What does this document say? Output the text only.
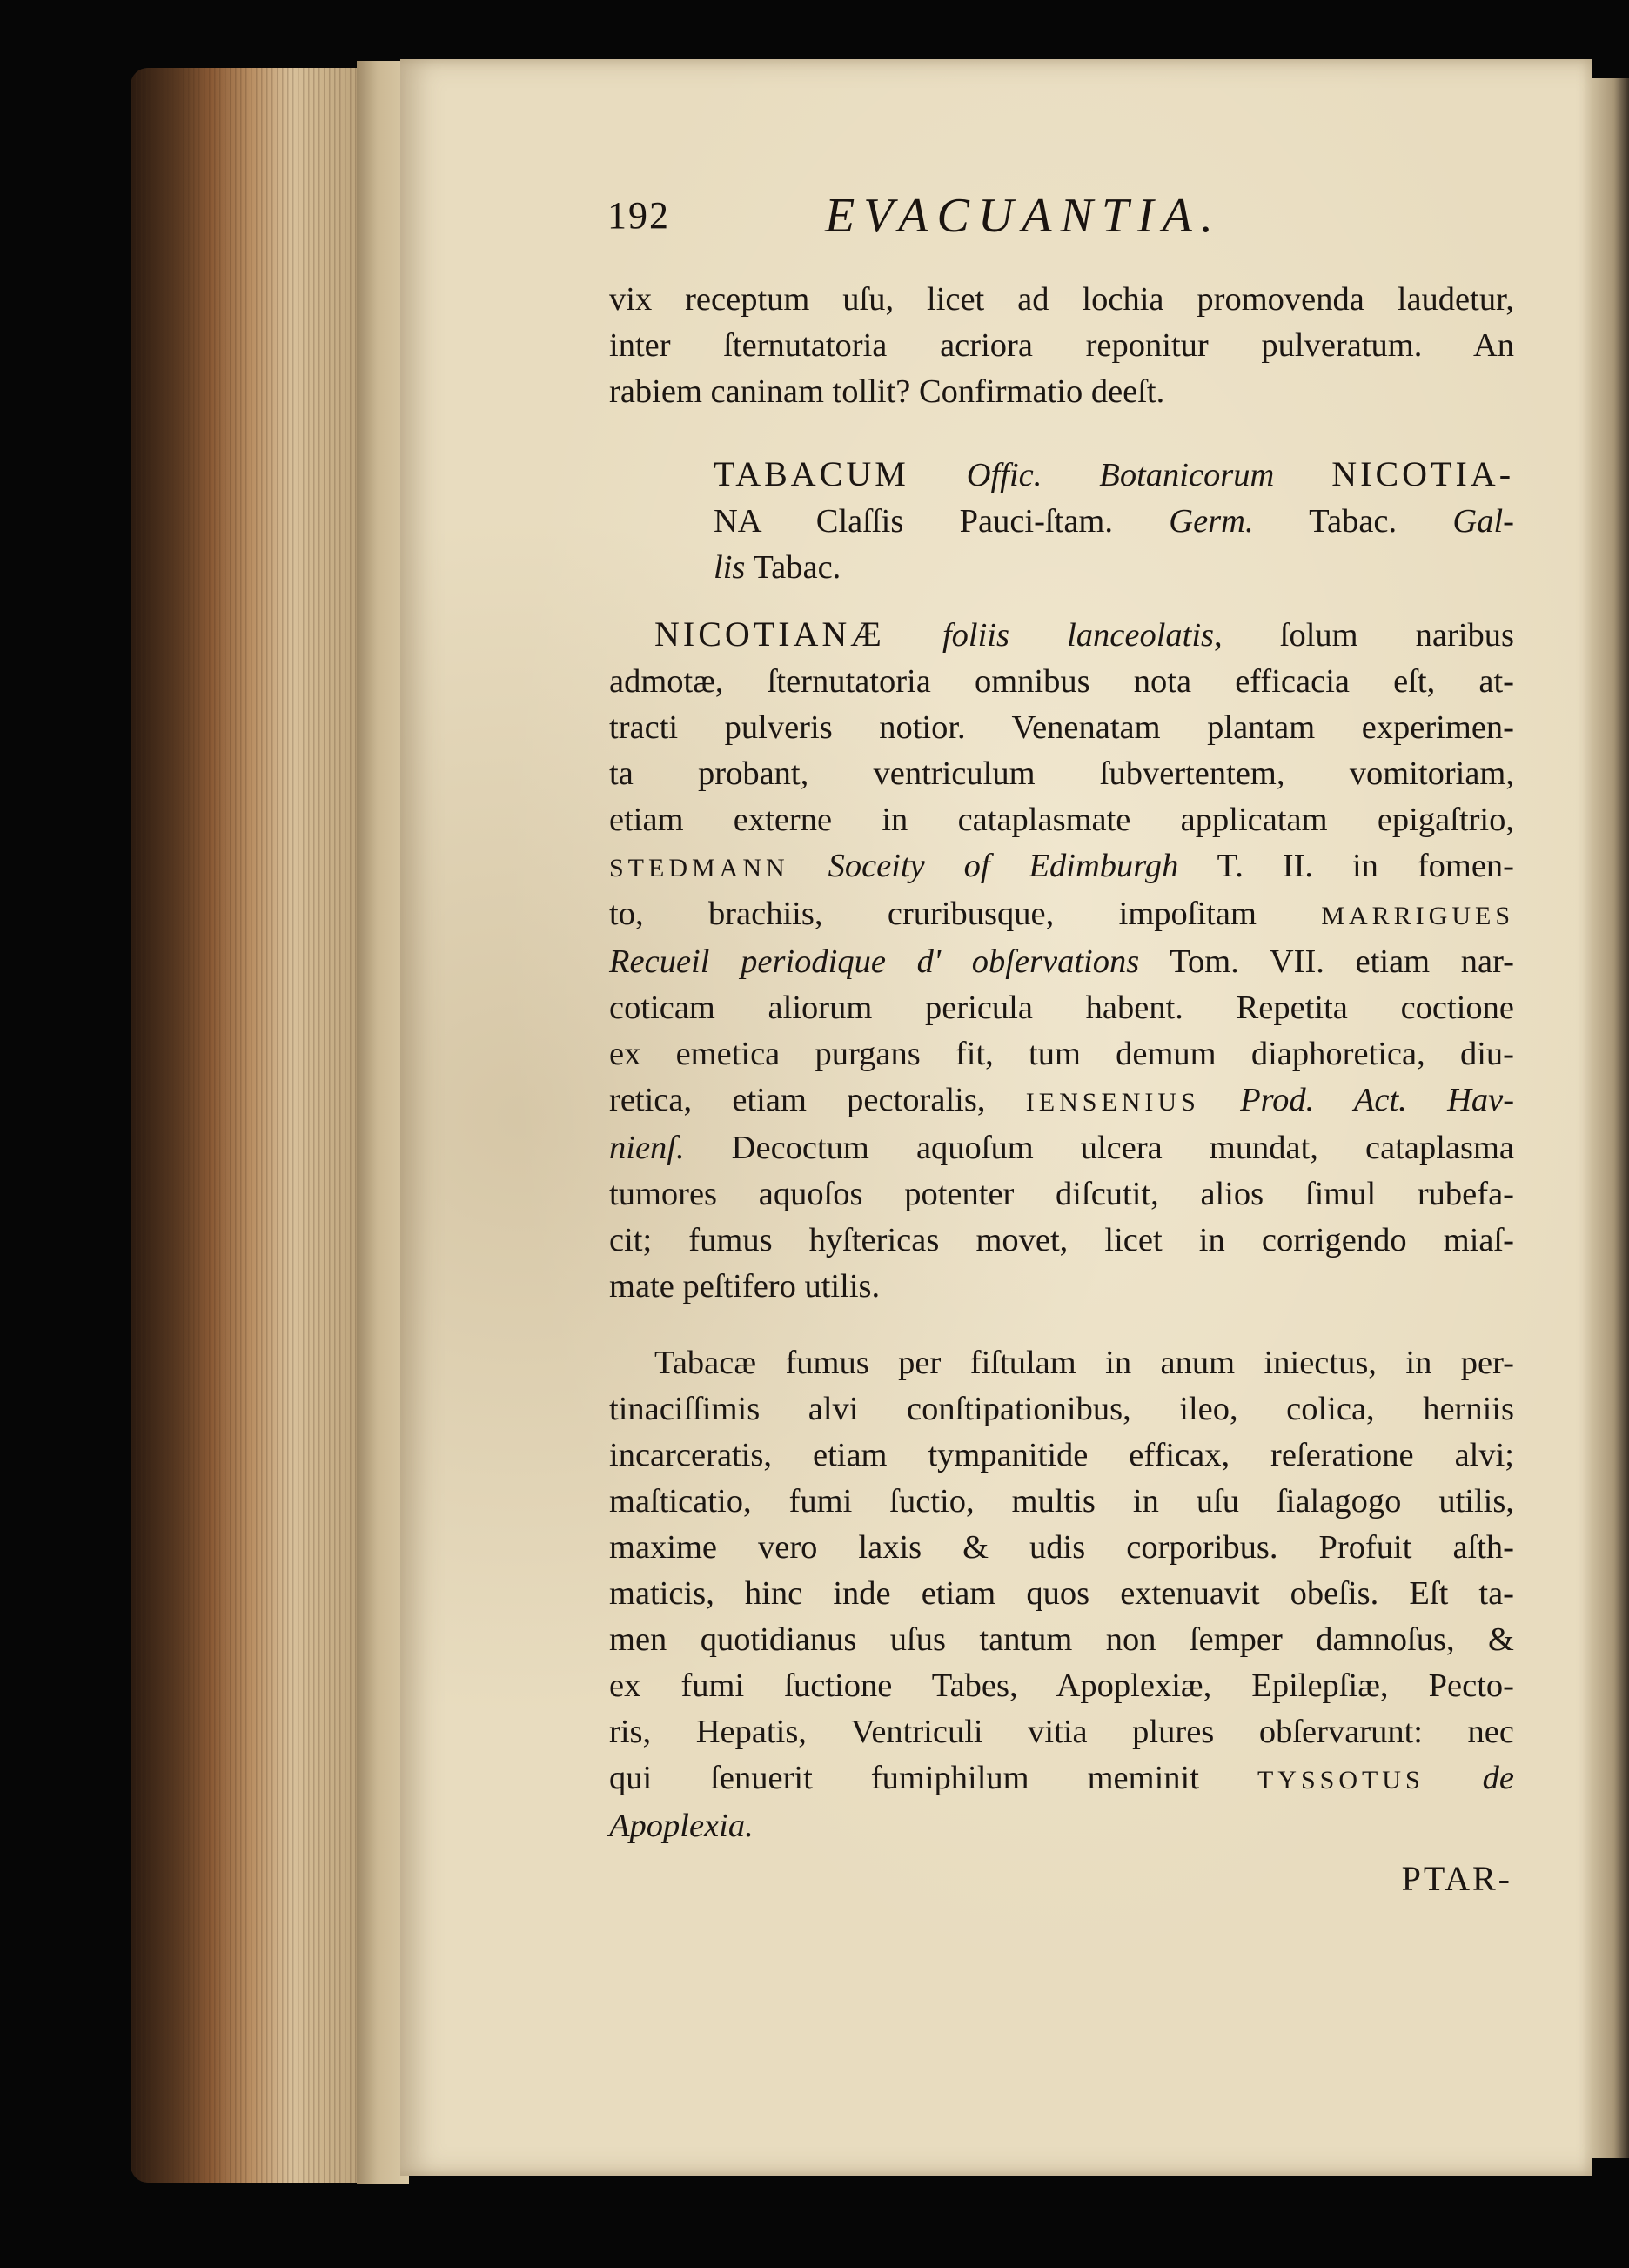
192	EVACUANTIA.
vix receptum uſu, licet ad lochia promovenda laudetur,
inter ſternutatoria acriora reponitur pulveratum. An
rabiem caninam tollit? Confirmatio deeſt.
TABACUM Offic. Botanicorum NICOTIA-
NA Claſſis Pauci-ſtam. Germ. Tabac. Gal-
lis Tabac.
NICOTIANÆ foliis lanceolatis, ſolum naribus
admotæ, ſternutatoria omnibus nota efficacia eſt, at-
tracti pulveris notior. Venenatam plantam experimen-
ta probant, ventriculum ſubvertentem, vomitoriam,
etiam externe in cataplasmate applicatam epigaſtrio,
STEDMANN Soceity of Edimburgh T. II. in fomen-
to, brachiis, cruribusque, impoſitam MARRIGUES
Recueil periodique d' obſervations Tom. VII. etiam nar-
coticam aliorum pericula habent. Repetita coctione
ex emetica purgans fit, tum demum diaphoretica, diu-
retica, etiam pectoralis, IENSENIUS Prod. Act. Hav-
nienſ. Decoctum aquoſum ulcera mundat, cataplasma
tumores aquoſos potenter diſcutit, alios ſimul rubefa-
cit; fumus hyſtericas movet, licet in corrigendo miaſ-
mate peſtifero utilis.
Tabacæ fumus per fiſtulam in anum iniectus, in per-
tinaciſſimis alvi conſtipationibus, ileo, colica, herniis
incarceratis, etiam tympanitide efficax, reſeratione alvi;
maſticatio, fumi ſuctio, multis in uſu ſialagogo utilis,
maxime vero laxis & udis corporibus. Profuit aſth-
maticis, hinc inde etiam quos extenuavit obeſis. Eſt ta-
men quotidianus uſus tantum non ſemper damnoſus, &
ex fumi ſuctione Tabes, Apoplexiæ, Epilepſiæ, Pecto-
ris, Hepatis, Ventriculi vitia plures obſervarunt: nec
qui ſenuerit fumiphilum meminit TYSSOTUS de
Apoplexia.
PTAR-
